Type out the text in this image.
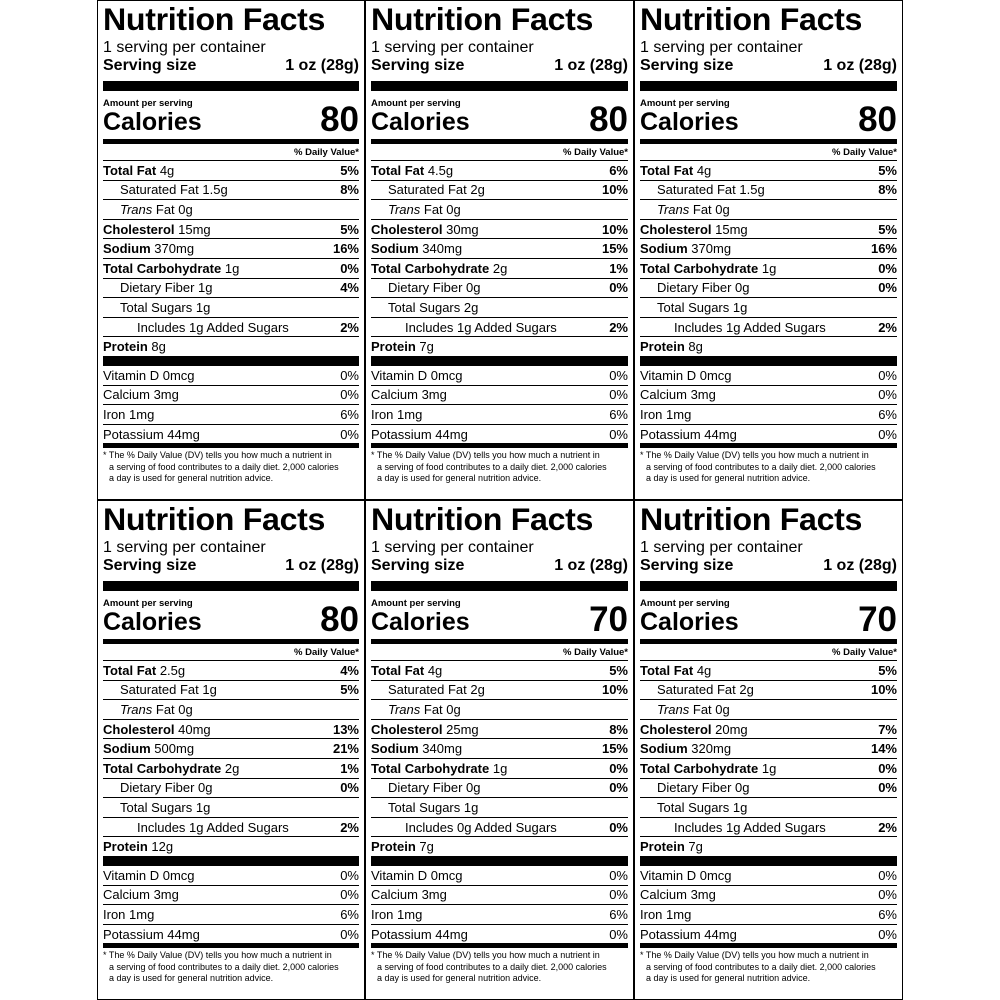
Nutrition Facts
1 serving per container
Serving size	1 oz (28g)
Amount per serving
Calories	80
% Daily Value*
Total Fat 4g	5%
Saturated Fat 1.5g	8%
Trans Fat 0g
Cholesterol 15mg	5%
Sodium 370mg	16%
Total Carbohydrate 1g	0%
Dietary Fiber 1g	4%
Total Sugars 1g
Includes 1g Added Sugars	2%
Protein 8g
Vitamin D 0mcg	0%
Calcium 3mg	0%
Iron 1mg	6%
Potassium 44mg	0%
* The % Daily Value (DV) tells you how much a nutrient in
a serving of food contributes to a daily diet. 2,000 calories
a day is used for general nutrition advice.
Nutrition Facts
1 serving per container
Serving size	1 oz (28g)
Amount per serving
Calories	80
% Daily Value*
Total Fat 4.5g	6%
Saturated Fat 2g	10%
Trans Fat 0g
Cholesterol 30mg	10%
Sodium 340mg	15%
Total Carbohydrate 2g	1%
Dietary Fiber 0g	0%
Total Sugars 2g
Includes 1g Added Sugars	2%
Protein 7g
Vitamin D 0mcg	0%
Calcium 3mg	0%
Iron 1mg	6%
Potassium 44mg	0%
* The % Daily Value (DV) tells you how much a nutrient in
a serving of food contributes to a daily diet. 2,000 calories
a day is used for general nutrition advice.
Nutrition Facts
1 serving per container
Serving size	1 oz (28g)
Amount per serving
Calories	80
% Daily Value*
Total Fat 4g	5%
Saturated Fat 1.5g	8%
Trans Fat 0g
Cholesterol 15mg	5%
Sodium 370mg	16%
Total Carbohydrate 1g	0%
Dietary Fiber 0g	0%
Total Sugars 1g
Includes 1g Added Sugars	2%
Protein 8g
Vitamin D 0mcg	0%
Calcium 3mg	0%
Iron 1mg	6%
Potassium 44mg	0%
* The % Daily Value (DV) tells you how much a nutrient in
a serving of food contributes to a daily diet. 2,000 calories
a day is used for general nutrition advice.
Nutrition Facts
1 serving per container
Serving size	1 oz (28g)
Amount per serving
Calories	80
% Daily Value*
Total Fat 2.5g	4%
Saturated Fat 1g	5%
Trans Fat 0g
Cholesterol 40mg	13%
Sodium 500mg	21%
Total Carbohydrate 2g	1%
Dietary Fiber 0g	0%
Total Sugars 1g
Includes 1g Added Sugars	2%
Protein 12g
Vitamin D 0mcg	0%
Calcium 3mg	0%
Iron 1mg	6%
Potassium 44mg	0%
* The % Daily Value (DV) tells you how much a nutrient in
a serving of food contributes to a daily diet. 2,000 calories
a day is used for general nutrition advice.
Nutrition Facts
1 serving per container
Serving size	1 oz (28g)
Amount per serving
Calories	70
% Daily Value*
Total Fat 4g	5%
Saturated Fat 2g	10%
Trans Fat 0g
Cholesterol 25mg	8%
Sodium 340mg	15%
Total Carbohydrate 1g	0%
Dietary Fiber 0g	0%
Total Sugars 1g
Includes 0g Added Sugars	0%
Protein 7g
Vitamin D 0mcg	0%
Calcium 3mg	0%
Iron 1mg	6%
Potassium 44mg	0%
* The % Daily Value (DV) tells you how much a nutrient in
a serving of food contributes to a daily diet. 2,000 calories
a day is used for general nutrition advice.
Nutrition Facts
1 serving per container
Serving size	1 oz (28g)
Amount per serving
Calories	70
% Daily Value*
Total Fat 4g	5%
Saturated Fat 2g	10%
Trans Fat 0g
Cholesterol 20mg	7%
Sodium 320mg	14%
Total Carbohydrate 1g	0%
Dietary Fiber 0g	0%
Total Sugars 1g
Includes 1g Added Sugars	2%
Protein 7g
Vitamin D 0mcg	0%
Calcium 3mg	0%
Iron 1mg	6%
Potassium 44mg	0%
* The % Daily Value (DV) tells you how much a nutrient in
a serving of food contributes to a daily diet. 2,000 calories
a day is used for general nutrition advice.
